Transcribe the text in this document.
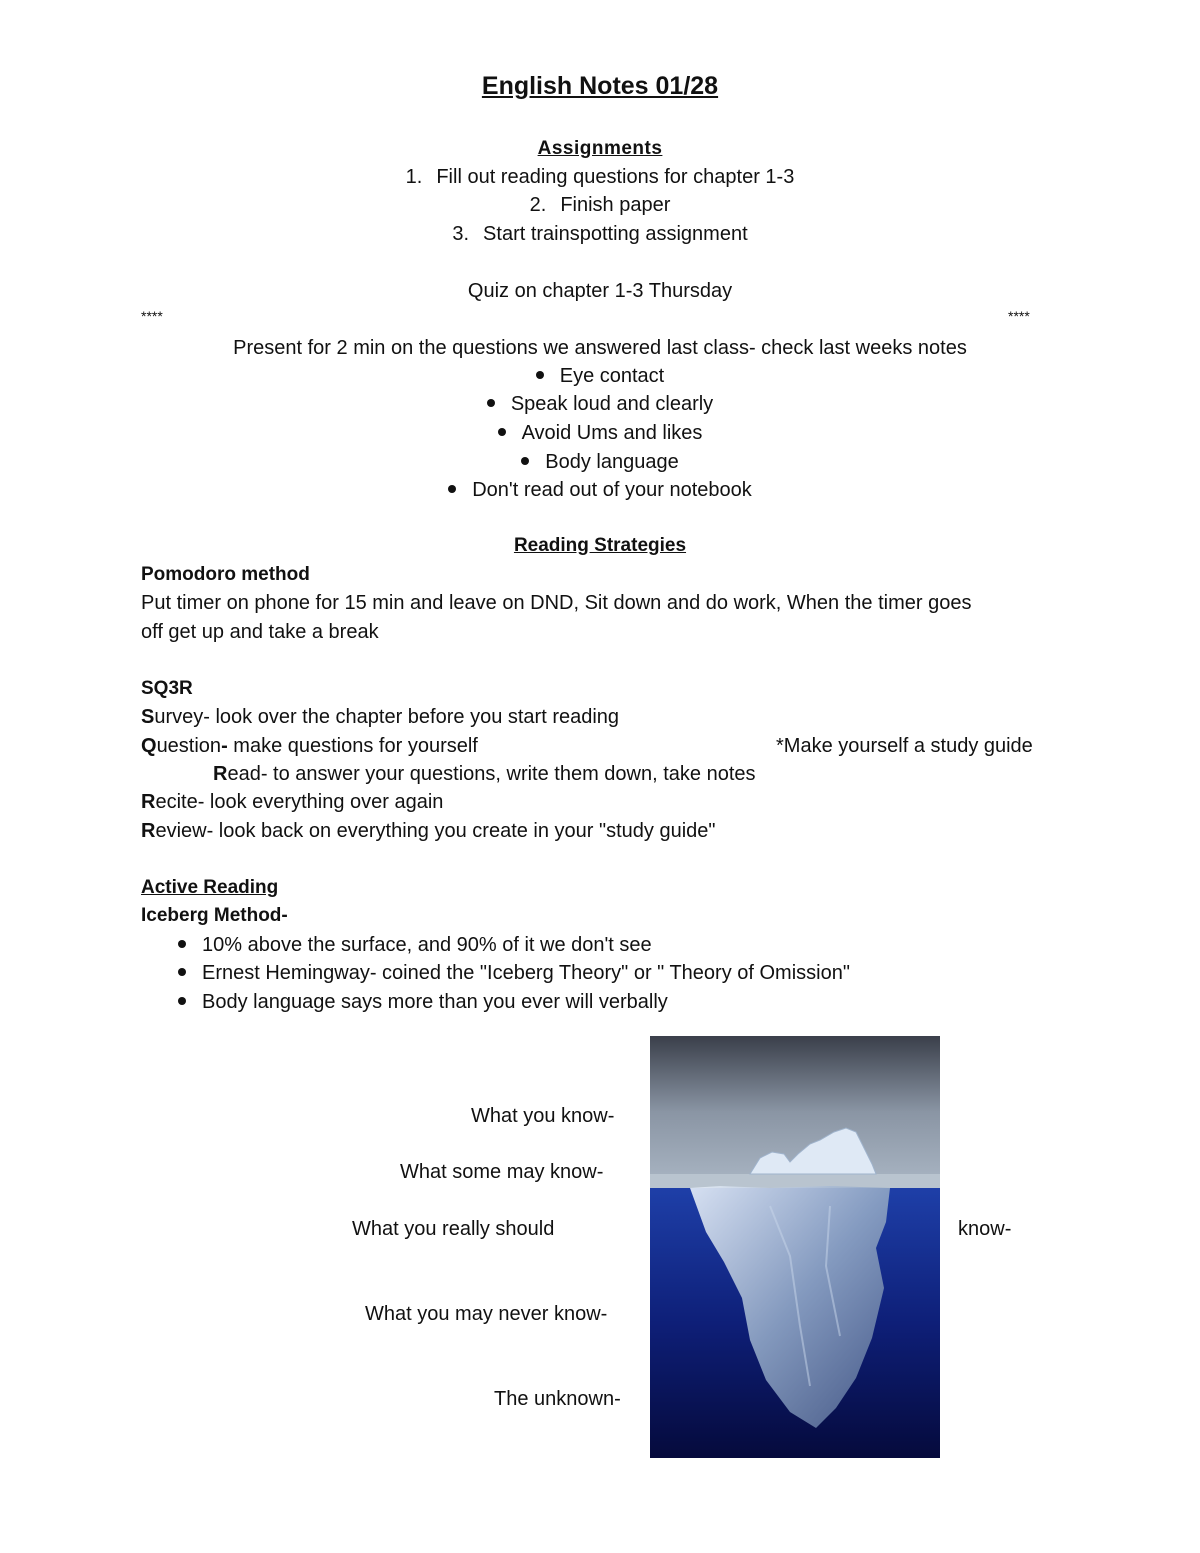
English Notes 01/28
Assignments
1. Fill out reading questions for chapter 1-3
2. Finish paper
3. Start trainspotting assignment
Quiz on chapter 1-3 Thursday
****	****
Present for 2 min on the questions we answered last class- check last weeks notes
Eye contact
Speak loud and clearly
Avoid Ums and likes
Body language
Don't read out of your notebook
Reading Strategies
Pomodoro method
Put timer on phone for 15 min and leave on DND, Sit down and do work, When the timer goes
off get up and take a break
SQ3R
Survey- look over the chapter before you start reading
Question- make questions for yourself	*Make yourself a study guide
Read- to answer your questions, write them down, take notes
Recite- look everything over again
Review- look back on everything you create in your "study guide"
Active Reading
Iceberg Method-
10% above the surface, and 90% of it we don't see
Ernest Hemingway- coined the "Iceberg Theory" or " Theory of Omission"
Body language says more than you ever will verbally
What you know-
What some may know-
What you really should	know-
What you may never know-
The unknown-
